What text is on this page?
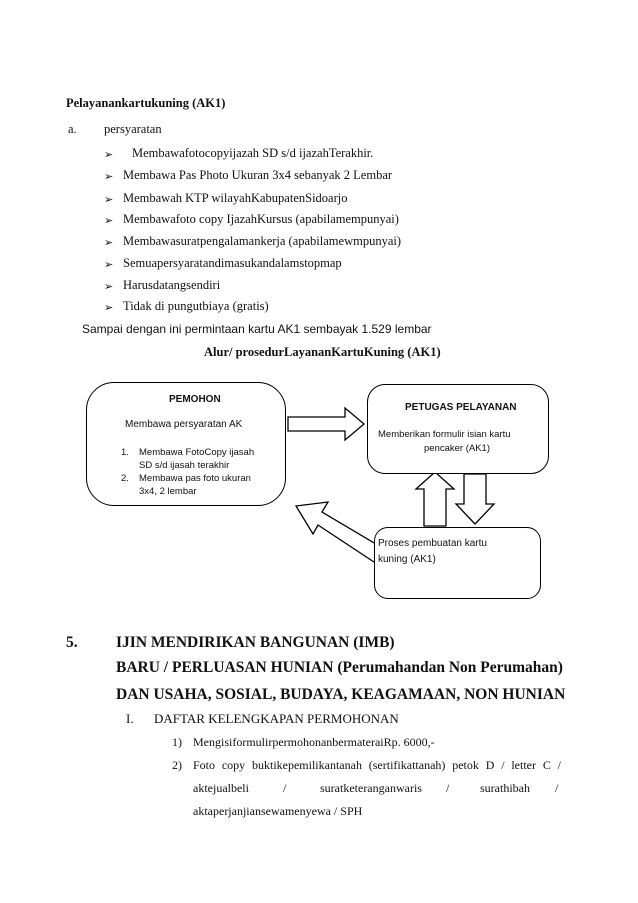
Pelayanankartukuning (AK1)
a. persyaratan
➢ Membawafotocopyijazah SD s/d ijazahTerakhir.
➢ Membawa Pas Photo Ukuran 3x4 sebanyak 2 Lembar
➢ Membawah KTP wilayahKabupatenSidoarjo
➢ Membawafoto copy IjazahKursus (apabilamempunyai)
➢ Membawasuratpengalamankerja (apabilamewmpunyai)
➢ Semuapersyaratandimasukandalamstopmap
➢ Harusdatangsendiri
➢ Tidak di pungutbiaya (gratis)
Sampai dengan ini permintaan kartu AK1 sembayak 1.529 lembar
Alur/ prosedurLayananKartuKuning (AK1)
PEMOHON
Membawa persyaratan AK
1. Membawa FotoCopy ijasah
SD s/d ijasah terakhir
2. Membawa pas foto ukuran
3x4, 2 lembar
PETUGAS PELAYANAN
Memberikan formulir isian kartu
pencaker (AK1)
Proses pembuatan kartu
kuning (AK1)
5. IJIN MENDIRIKAN BANGUNAN (IMB)
BARU / PERLUASAN HUNIAN (Perumahandan Non Perumahan)
DAN USAHA, SOSIAL, BUDAYA, KEAGAMAAN, NON HUNIAN
I. DAFTAR KELENGKAPAN PERMOHONAN
1) MengisiformulirpermohonanbermateraiRp. 6000,-
2) Foto copy buktikepemilikantanah (sertifikattanah) petok D / letter C /
aktejualbeli	/	suratketeranganwaris /	surathibah /
aktaperjanjiansewamenyewa / SPH
